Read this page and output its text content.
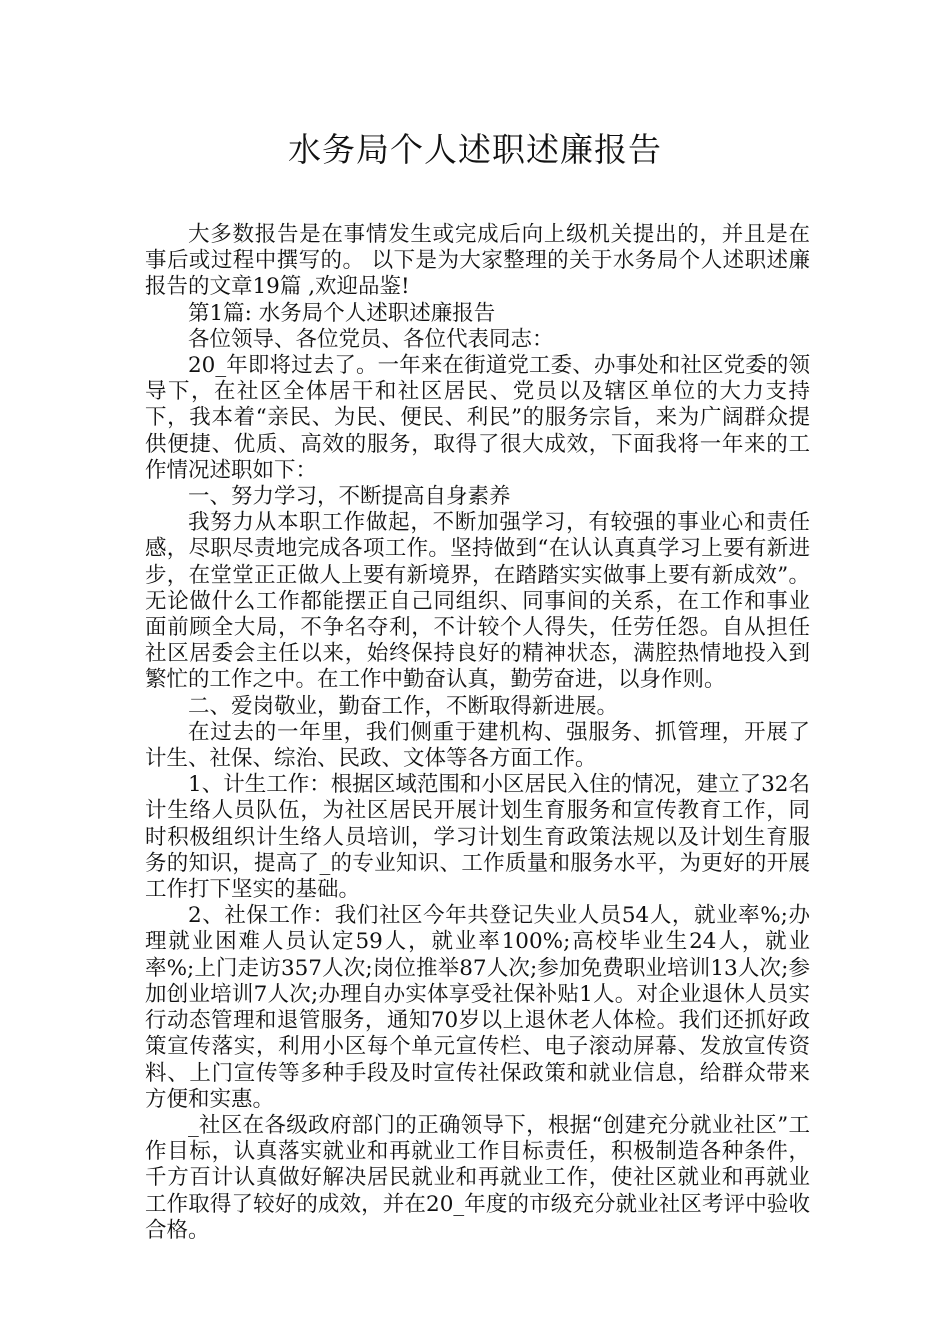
水务局个人述职述廉报告

大多数报告是在事情发生或完成后向上级机关提出的，并且是在事后或过程中撰写的。 以下是为大家整理的关于水务局个人述职述廉报告的文章19篇 ,欢迎品鉴!

第1篇: 水务局个人述职述廉报告

各位领导、各位党员、各位代表同志：

20_年即将过去了。一年来在街道党工委、办事处和社区党委的领导下，在社区全体居干和社区居民、党员以及辖区单位的大力支持下，我本着“亲民、为民、便民、利民”的服务宗旨，来为广阔群众提供便捷、优质、高效的服务，取得了很大成效，下面我将一年来的工作情况述职如下：

一、努力学习，不断提高自身素养

我努力从本职工作做起，不断加强学习，有较强的事业心和责任感，尽职尽责地完成各项工作。坚持做到“在认认真真学习上要有新进步，在堂堂正正做人上要有新境界，在踏踏实实做事上要有新成效”。无论做什么工作都能摆正自己同组织、同事间的关系，在工作和事业面前顾全大局，不争名夺利，不计较个人得失，任劳任怨。自从担任社区居委会主任以来，始终保持良好的精神状态，满腔热情地投入到繁忙的工作之中。在工作中勤奋认真，勤劳奋进，以身作则。

二、爱岗敬业，勤奋工作，不断取得新进展。

在过去的一年里，我们侧重于建机构、强服务、抓管理，开展了计生、社保、综治、民政、文体等各方面工作。

1、计生工作：根据区域范围和小区居民入住的情况，建立了32名计生络人员队伍，为社区居民开展计划生育服务和宣传教育工作，同时积极组织计生络人员培训，学习计划生育政策法规以及计划生育服务的知识，提高了_的专业知识、工作质量和服务水平，为更好的开展工作打下坚实的基础。

2、社保工作：我们社区今年共登记失业人员54人，就业率%;办理就业困难人员认定59人，就业率100%;高校毕业生24人，就业率%;上门走访357人次;岗位推举87人次;参加免费职业培训13人次;参加创业培训7人次;办理自办实体享受社保补贴1人。对企业退休人员实行动态管理和退管服务，通知70岁以上退休老人体检。我们还抓好政策宣传落实，利用小区每个单元宣传栏、电子滚动屏幕、发放宣传资料、上门宣传等多种手段及时宣传社保政策和就业信息，给群众带来方便和实惠。

_社区在各级政府部门的正确领导下，根据“创建充分就业社区”工作目标，认真落实就业和再就业工作目标责任，积极制造各种条件，千方百计认真做好解决居民就业和再就业工作，使社区就业和再就业工作取得了较好的成效，并在20_年度的市级充分就业社区考评中验收合格。
